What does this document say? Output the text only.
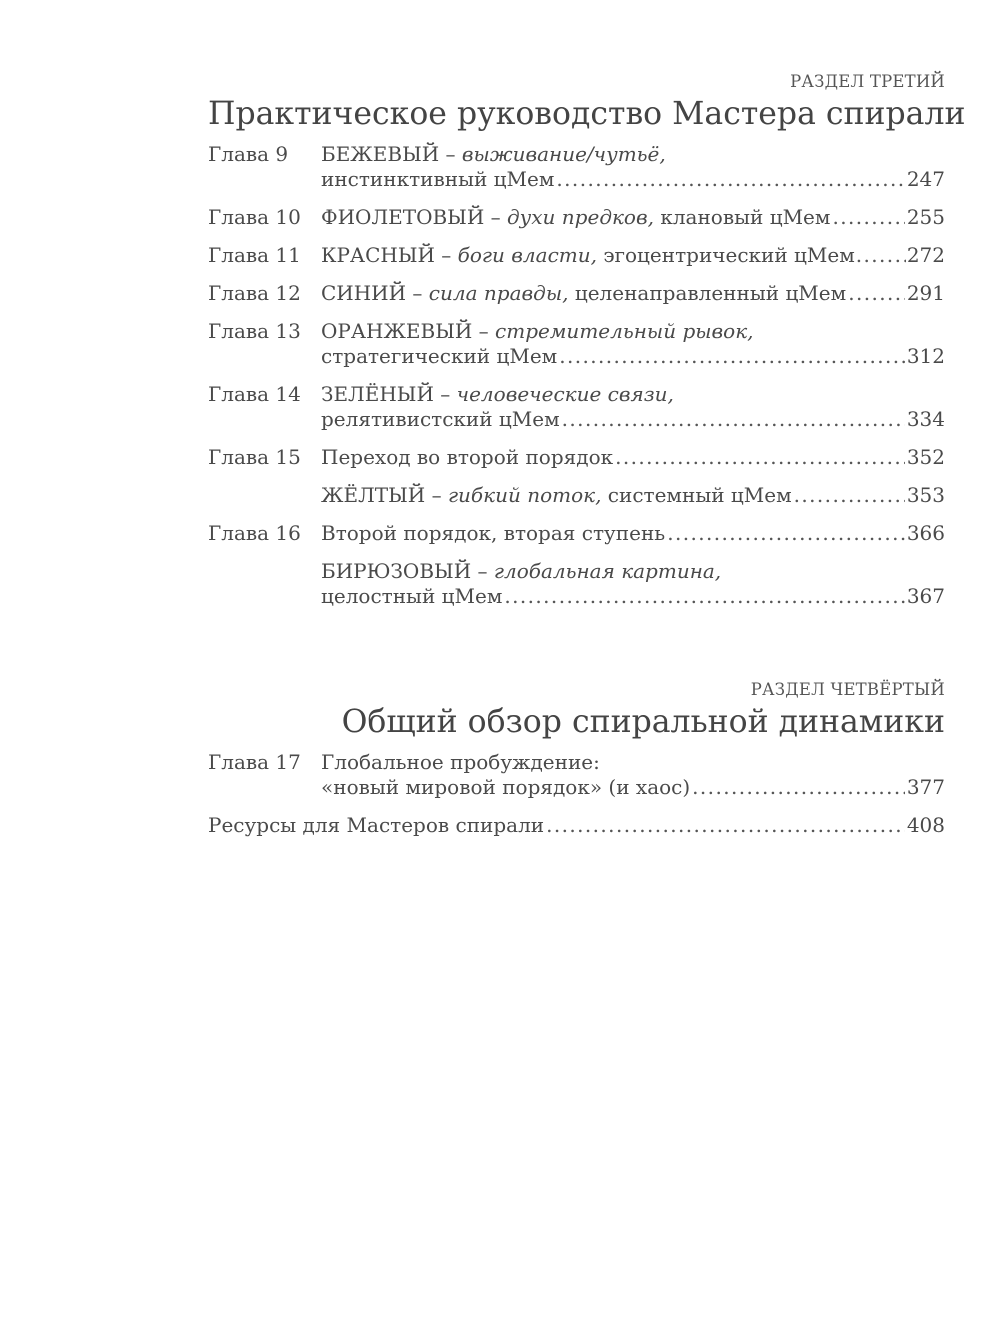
РАЗДЕЛ ТРЕТИЙ
Практическое руководство Мастера спирали
Глава 9	БЕЖЕВЫЙ – выживание/чутьё,
инстинктивный цМем .....	247
Глава 10	ФИОЛЕТОВЫЙ – духи предков, клановый цМем .....	255
Глава 11	КРАСНЫЙ – боги власти, эгоцентрический цМем .....	272
Глава 12	СИНИЙ – сила правды, целенаправленный цМем .....	291
Глава 13	ОРАНЖЕВЫЙ – стремительный рывок,
стратегический цМем .....	312
Глава 14	ЗЕЛЁНЫЙ – человеческие связи,
релятивистский цМем .....	334
Глава 15	Переход во второй порядок .....	352
ЖЁЛТЫЙ – гибкий поток, системный цМем .....	353
Глава 16	Второй порядок, вторая ступень .....	366
БИРЮЗОВЫЙ – глобальная картина,
целостный цМем .....	367
РАЗДЕЛ ЧЕТВЁРТЫЙ
Общий обзор спиральной динамики
Глава 17	Глобальное пробуждение:
«новый мировой порядок» (и хаос) .....	377
Ресурсы для Мастеров спирали .....	408
